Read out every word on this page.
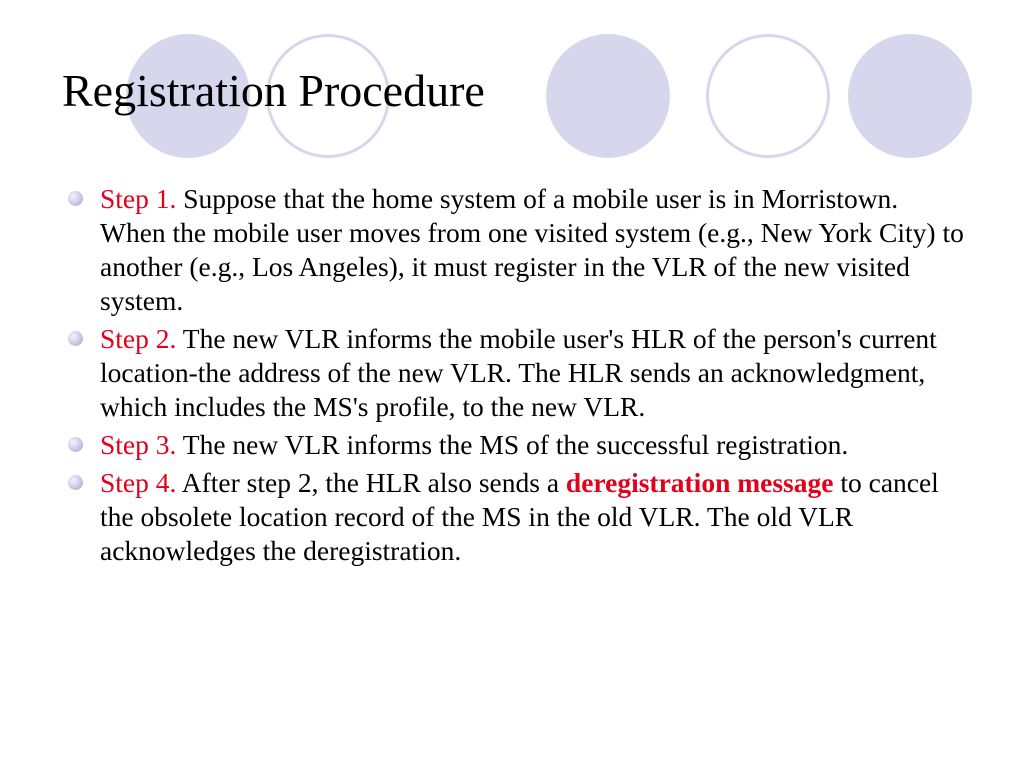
Registration Procedure
Step 1. Suppose that the home system of a mobile user is in Morristown. When the mobile user moves from one visited system (e.g., New York City) to another (e.g., Los Angeles), it must register in the VLR of the new visited system.
Step 2. The new VLR informs the mobile user's HLR of the person's current location-the address of the new VLR. The HLR sends an acknowledgment, which includes the MS's profile, to the new VLR.
Step 3. The new VLR informs the MS of the successful registration.
Step 4. After step 2, the HLR also sends a deregistration message to cancel the obsolete location record of the MS in the old VLR. The old VLR acknowledges the deregistration.
